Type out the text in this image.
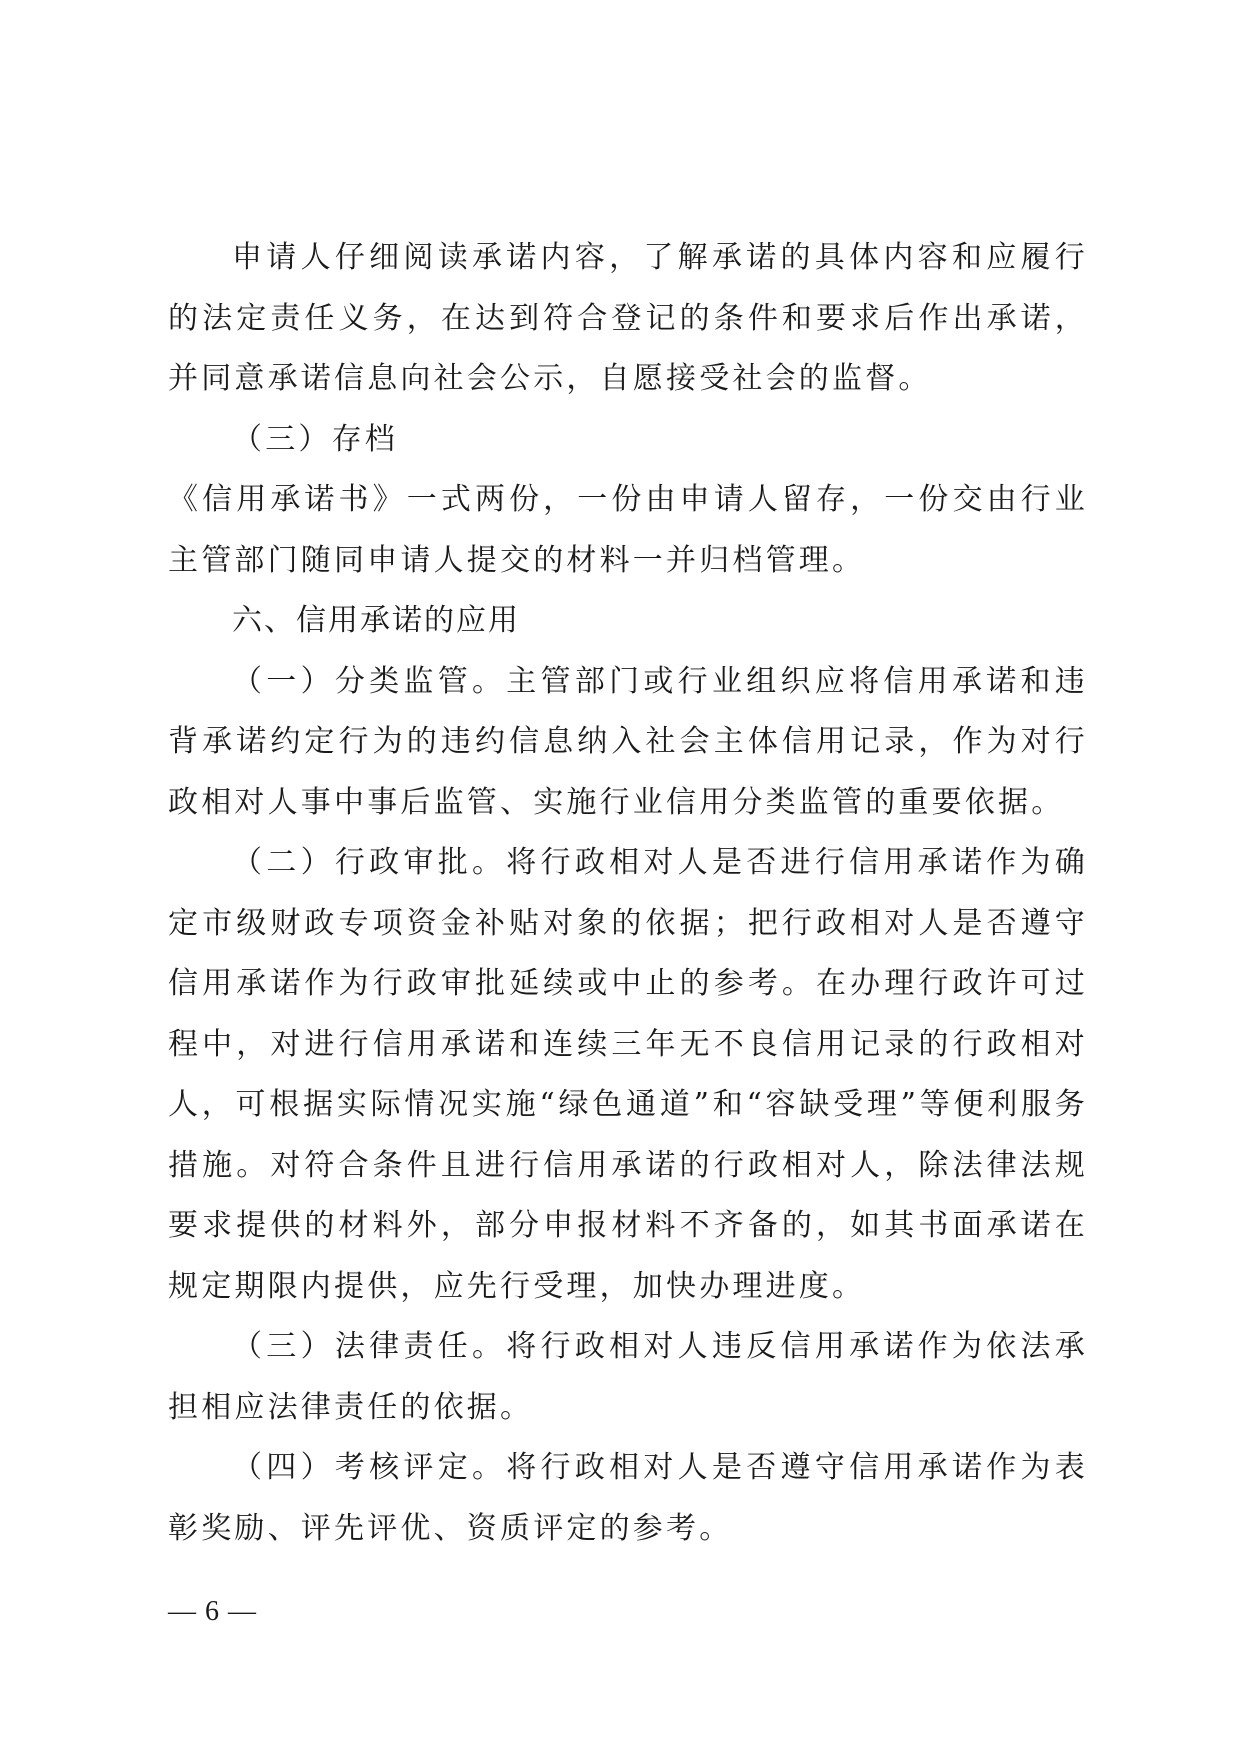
申请人仔细阅读承诺内容，了解承诺的具体内容和应履行的法定责任义务，在达到符合登记的条件和要求后作出承诺，并同意承诺信息向社会公示，自愿接受社会的监督。

（三）存档

《信用承诺书》一式两份，一份由申请人留存，一份交由行业主管部门随同申请人提交的材料一并归档管理。

六、信用承诺的应用

（一）分类监管。主管部门或行业组织应将信用承诺和违背承诺约定行为的违约信息纳入社会主体信用记录，作为对行政相对人事中事后监管、实施行业信用分类监管的重要依据。

（二）行政审批。将行政相对人是否进行信用承诺作为确定市级财政专项资金补贴对象的依据；把行政相对人是否遵守信用承诺作为行政审批延续或中止的参考。在办理行政许可过程中，对进行信用承诺和连续三年无不良信用记录的行政相对人，可根据实际情况实施“绿色通道”和“容缺受理”等便利服务措施。对符合条件且进行信用承诺的行政相对人，除法律法规要求提供的材料外，部分申报材料不齐备的，如其书面承诺在规定期限内提供，应先行受理，加快办理进度。

（三）法律责任。将行政相对人违反信用承诺作为依法承担相应法律责任的依据。

（四）考核评定。将行政相对人是否遵守信用承诺作为表彰奖励、评先评优、资质评定的参考。

— 6 —
